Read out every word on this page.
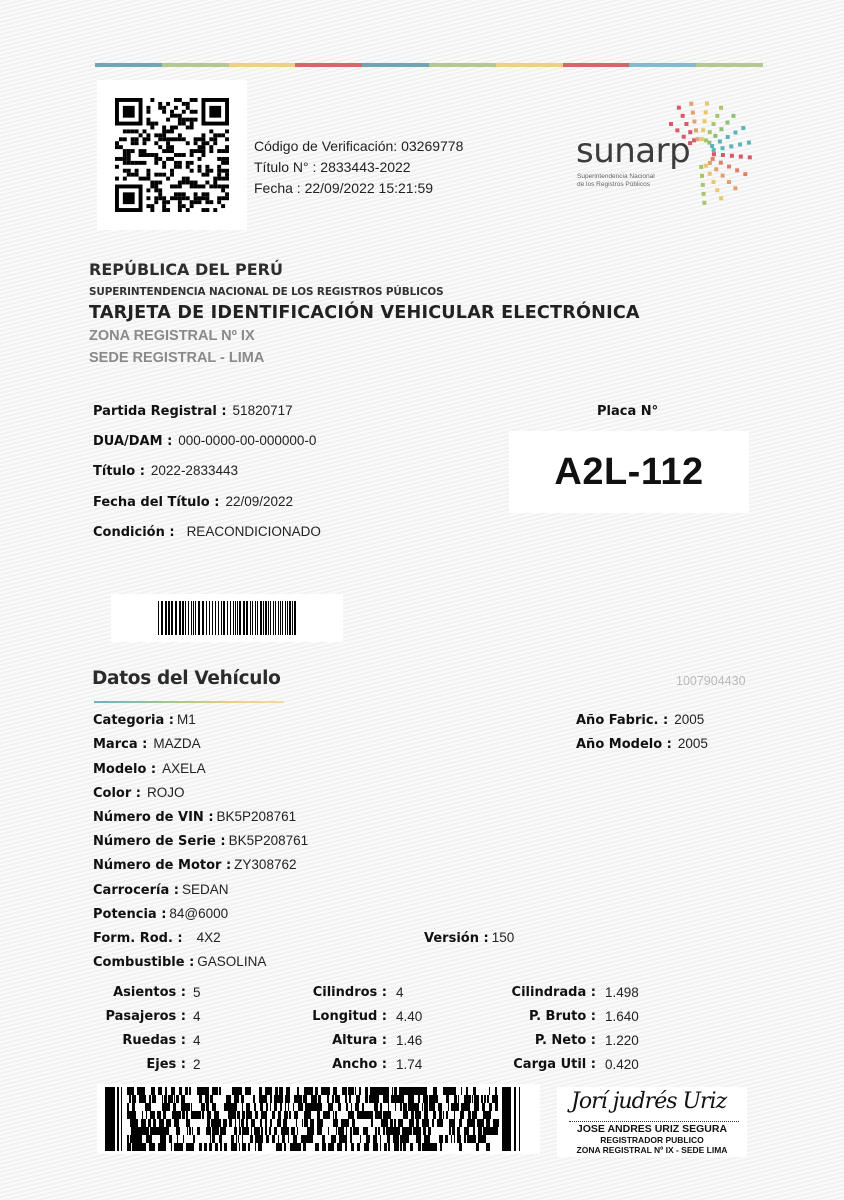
Código de Verificación: 03269778
Título N° : 2833443-2022
Fecha : 22/09/2022 15:21:59
sunarp
Superintendencia Nacional
de los Registros Públicos
REPÚBLICA DEL PERÚ
SUPERINTENDENCIA NACIONAL DE LOS REGISTROS PÚBLICOS
TARJETA DE IDENTIFICACIÓN VEHICULAR ELECTRÓNICA
ZONA REGISTRAL Nº IX
SEDE REGISTRAL - LIMA
Partida Registral : 51820717
DUA/DAM : 000-0000-00-000000-0
Título : 2022-2833443
Fecha del Título : 22/09/2022
Condición : REACONDICIONADO
Placa N°
A2L-112
Datos del Vehículo	1007904430
Categoria : M1
Marca : MAZDA
Modelo : AXELA
Color : ROJO
Número de VIN : BK5P208761
Número de Serie : BK5P208761
Número de Motor : ZY308762
Carrocería : SEDAN
Potencia : 84@6000
Form. Rod. : 4X2
Combustible : GASOLINA
Año Fabric. : 2005
Año Modelo : 2005
Versión : 150
Asientos : 5
Pasajeros : 4
Ruedas : 4
Ejes : 2
Cilindros : 4
Longitud : 4.40
Altura : 1.46
Ancho : 1.74
Cilindrada : 1.498
P. Bruto : 1.640
P. Neto : 1.220
Carga Util : 0.420
Jorí judrés Uriz
JOSE ANDRES URIZ SEGURA
REGISTRADOR PUBLICO
ZONA REGISTRAL Nº IX - SEDE LIMA
